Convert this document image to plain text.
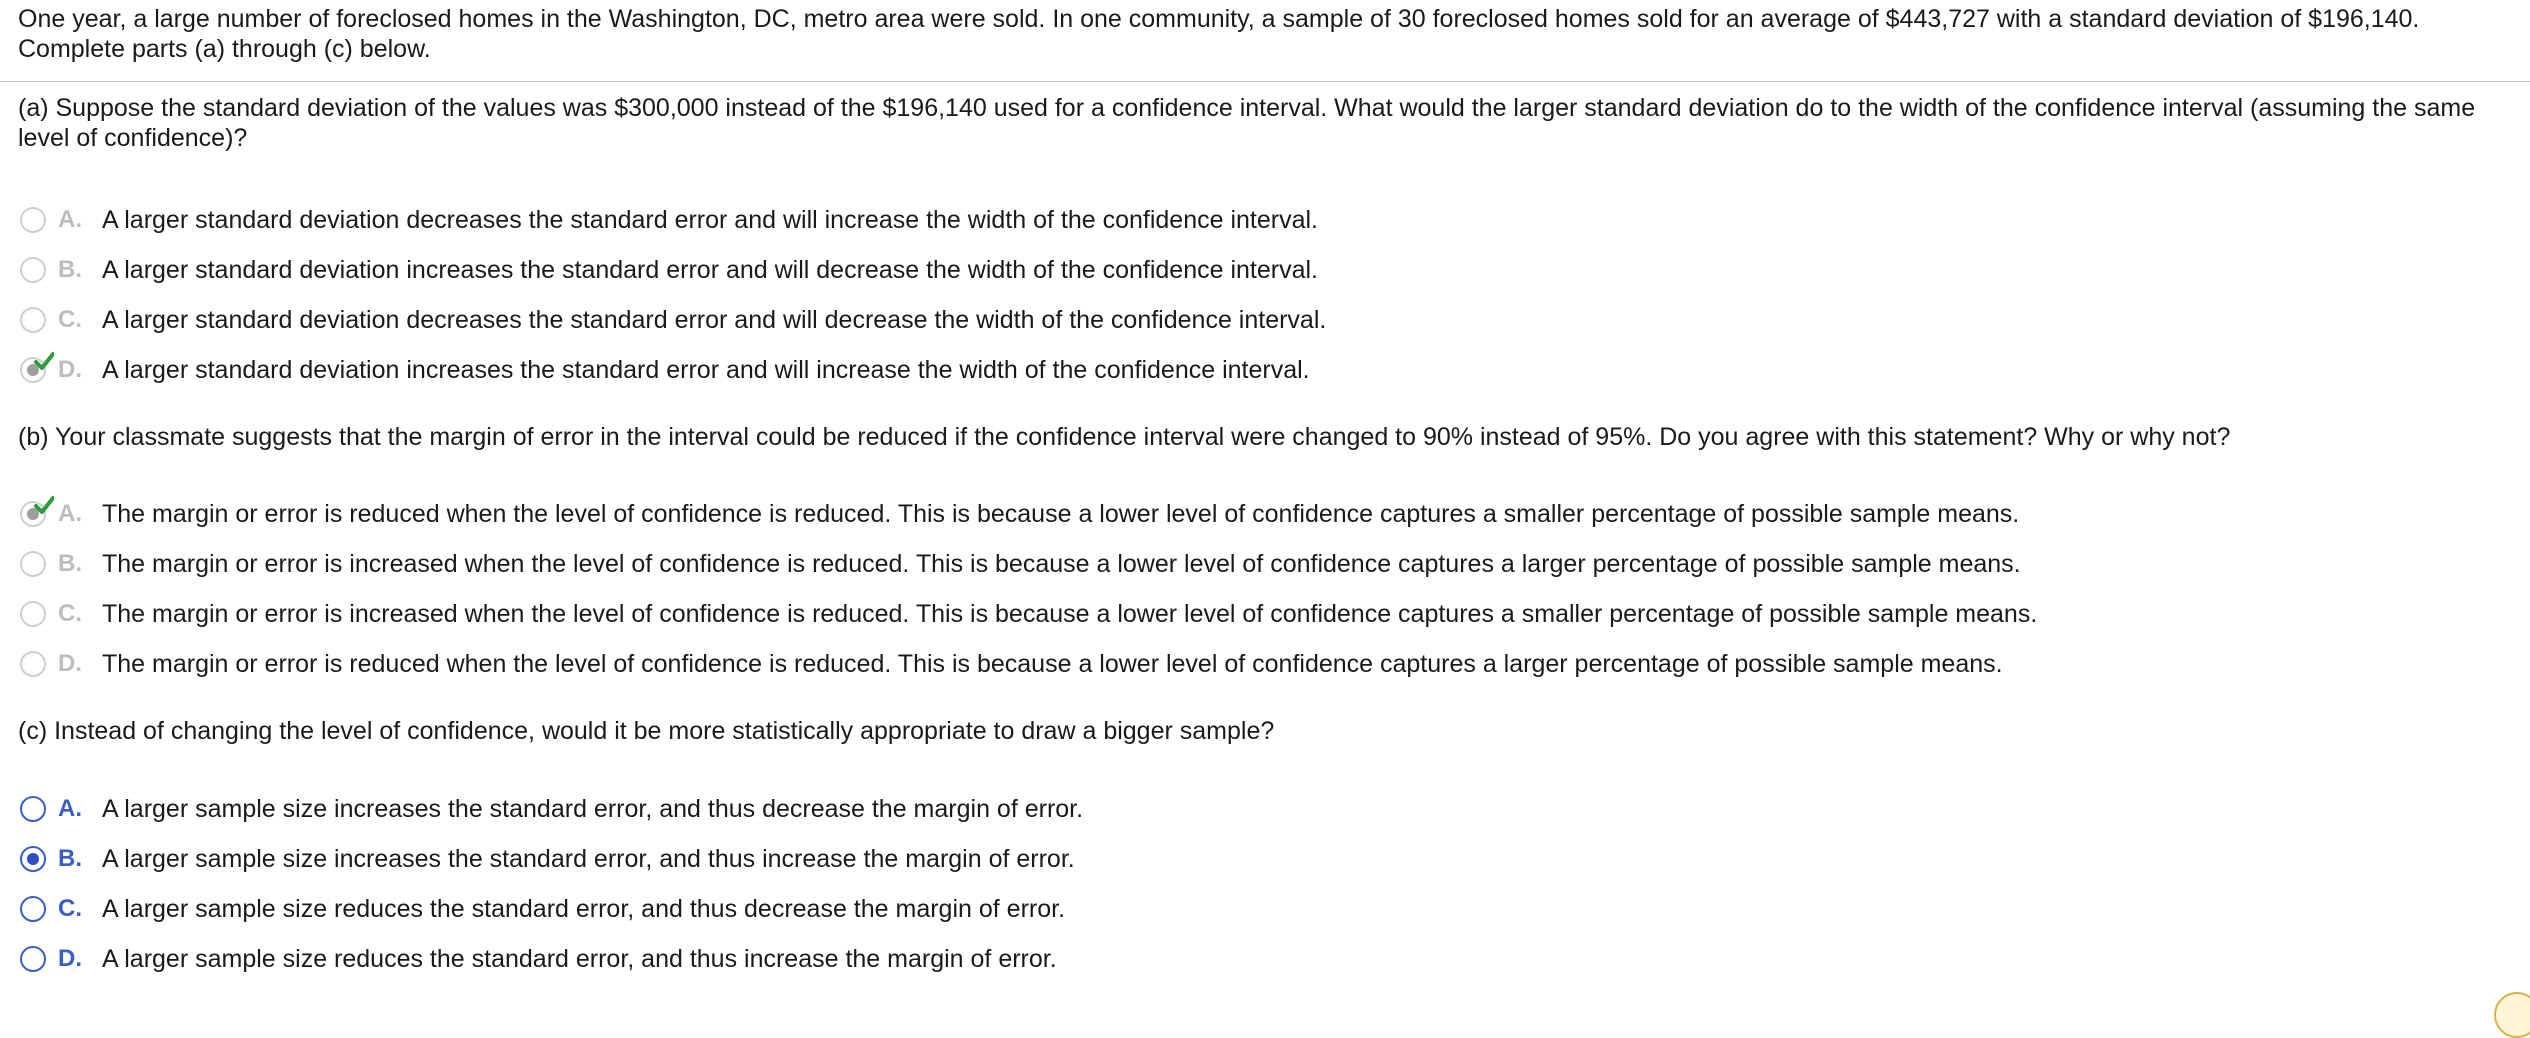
One year, a large number of foreclosed homes in the Washington, DC, metro area were sold. In one community, a sample of 30 foreclosed homes sold for an average of $443,727 with a standard deviation of $196,140. Complete parts (a) through (c) below.

(a) Suppose the standard deviation of the values was $300,000 instead of the $196,140 used for a confidence interval. What would the larger standard deviation do to the width of the confidence interval (assuming the same level of confidence)?

A. A larger standard deviation decreases the standard error and will increase the width of the confidence interval.
B. A larger standard deviation increases the standard error and will decrease the width of the confidence interval.
C. A larger standard deviation decreases the standard error and will decrease the width of the confidence interval.
D. A larger standard deviation increases the standard error and will increase the width of the confidence interval.

(b) Your classmate suggests that the margin of error in the interval could be reduced if the confidence interval were changed to 90% instead of 95%. Do you agree with this statement? Why or why not?

A. The margin or error is reduced when the level of confidence is reduced. This is because a lower level of confidence captures a smaller percentage of possible sample means.
B. The margin or error is increased when the level of confidence is reduced. This is because a lower level of confidence captures a larger percentage of possible sample means.
C. The margin or error is increased when the level of confidence is reduced. This is because a lower level of confidence captures a smaller percentage of possible sample means.
D. The margin or error is reduced when the level of confidence is reduced. This is because a lower level of confidence captures a larger percentage of possible sample means.

(c) Instead of changing the level of confidence, would it be more statistically appropriate to draw a bigger sample?

A. A larger sample size increases the standard error, and thus decrease the margin of error.
B. A larger sample size increases the standard error, and thus increase the margin of error.
C. A larger sample size reduces the standard error, and thus decrease the margin of error.
D. A larger sample size reduces the standard error, and thus increase the margin of error.
